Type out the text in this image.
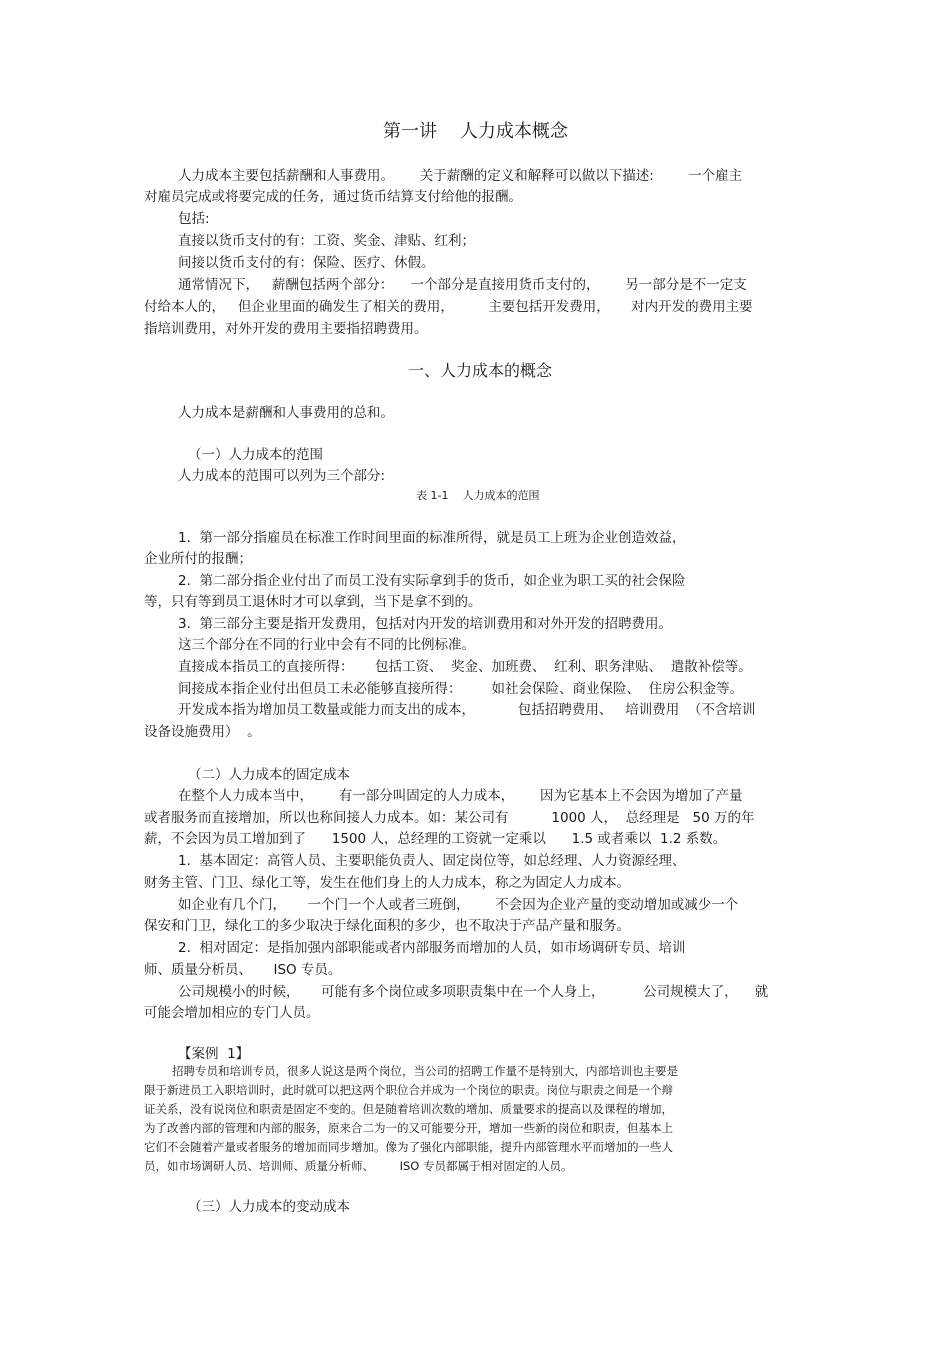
第一讲    人力成本概念
人力成本主要包括薪酬和人事费用。      关于薪酬的定义和解释可以做以下描述:        一个雇主
对雇员完成或将要完成的任务，通过货币结算支付给他的报酬。
包括:
直接以货币支付的有：工资、奖金、津贴、红利；
间接以货币支付的有：保险、医疗、休假。
通常情况下，   薪酬包括两个部分：    一个部分是直接用货币支付的，      另一部分是不一定支
付给本人的，   但企业里面的确发生了相关的费用，        主要包括开发费用，     对内开发的费用主要
指培训费用，对外开发的费用主要指招聘费用。
一、人力成本的概念
人力成本是薪酬和人事费用的总和。
（一）人力成本的范围
人力成本的范围可以列为三个部分:
表 1-1    人力成本的范围
1.  第一部分指雇员在标准工作时间里面的标准所得，就是员工上班为企业创造效益，
企业所付的报酬；
2.  第二部分指企业付出了而员工没有实际拿到手的货币，如企业为职工买的社会保险
等，只有等到员工退休时才可以拿到，当下是拿不到的。
3.  第三部分主要是指开发费用，包括对内开发的培训费用和对外开发的招聘费用。
这三个部分在不同的行业中会有不同的比例标准。
直接成本指员工的直接所得：     包括工资、  奖金、加班费、  红利、职务津贴、  遣散补偿等。
间接成本指企业付出但员工未必能够直接所得：       如社会保险、商业保险、  住房公积金等。
开发成本指为增加员工数量或能力而支出的成本，          包括招聘费用、   培训费用  （不含培训
设备设施费用）  。
（二）人力成本的固定成本
在整个人力成本当中，      有一部分叫固定的人力成本，      因为它基本上不会因为增加了产量
或者服务而直接增加，所以也称间接人力成本。如：某公司有          1000 人，  总经理是   50 万的年
薪，不会因为员工增加到了      1500 人，总经理的工资就一定乘以      1.5 或者乘以  1.2 系数。
1.  基本固定：高管人员、主要职能负责人、固定岗位等，如总经理、人力资源经理、
财务主管、门卫、绿化工等，发生在他们身上的人力成本，称之为固定人力成本。
如企业有几个门，     一个门一个人或者三班倒，      不会因为企业产量的变动增加或减少一个
保安和门卫，绿化工的多少取决于绿化面积的多少，也不取决于产品产量和服务。
2.  相对固定：是指加强内部职能或者内部服务而增加的人员，如市场调研专员、培训
师、质量分析员、     ISO 专员。
公司规模小的时候，     可能有多个岗位或多项职责集中在一个人身上，         公司规模大了，    就
可能会增加相应的专门人员。
【案例  1】
招聘专员和培训专员，很多人说这是两个岗位，当公司的招聘工作量不是特别大，内部培训也主要是
限于新进员工入职培训时，此时就可以把这两个职位合并成为一个岗位的职责。岗位与职责之间是一个辩
证关系，没有说岗位和职责是固定不变的。但是随着培训次数的增加、质量要求的提高以及课程的增加，
为了改善内部的管理和内部的服务，原来合二为一的又可能要分开，增加一些新的岗位和职责，但基本上
它们不会随着产量或者服务的增加而同步增加。像为了强化内部职能，提升内部管理水平而增加的一些人
员，如市场调研人员、培训师、质量分析师、       ISO 专员都属于相对固定的人员。
（三）人力成本的变动成本
